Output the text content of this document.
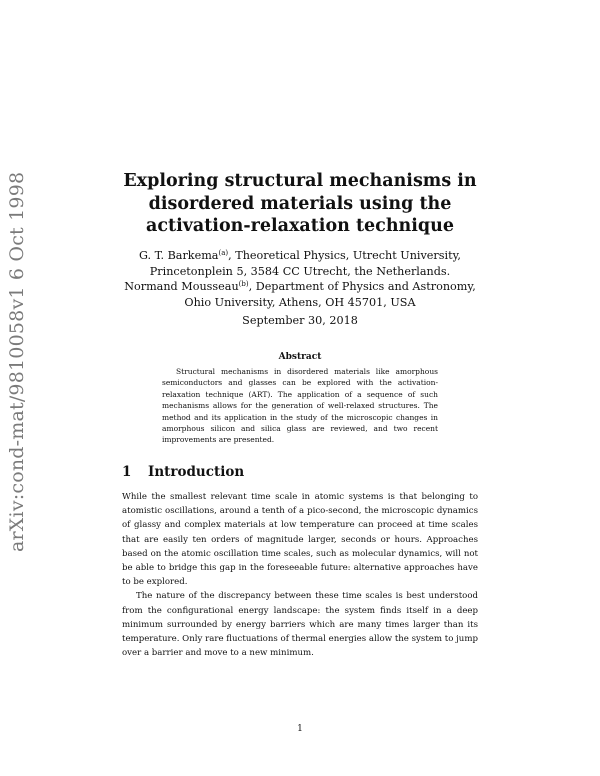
arXiv:cond-mat/9810058v1 6 Oct 1998	Exploring structural mechanisms in
disordered materials using the
activation-relaxation technique
G. T. Barkema$^{(a)}$, Theoretical Physics, Utrecht University,
Princetonplein 5, 3584 CC Utrecht, the Netherlands.
Normand Mousseau$^{(b)}$, Department of Physics and Astronomy,
Ohio University, Athens, OH 45701, USA
September 30, 2018
Abstract

Structural mechanisms in disordered materials like amorphous semiconductors and glasses can be explored with the activation-relaxation technique (ART). The application of a sequence of such mechanisms allows for the generation of well-relaxed structures. The method and its application in the study of the microscopic changes in amorphous silicon and silica glass are reviewed, and two recent improvements are presented.

1 Introduction

While the smallest relevant time scale in atomic systems is that belonging to atomistic oscillations, around a tenth of a pico-second, the microscopic dynamics of glassy and complex materials at low temperature can proceed at time scales that are easily ten orders of magnitude larger, seconds or hours. Approaches based on the atomic oscillation time scales, such as molecular dynamics, will not be able to bridge this gap in the foreseeable future: alternative approaches have to be explored.

The nature of the discrepancy between these time scales is best understood from the configurational energy landscape: the system finds itself in a deep minimum surrounded by energy barriers which are many times larger than its temperature. Only rare fluctuations of thermal energies allow the system to jump over a barrier and move to a new minimum.

1
